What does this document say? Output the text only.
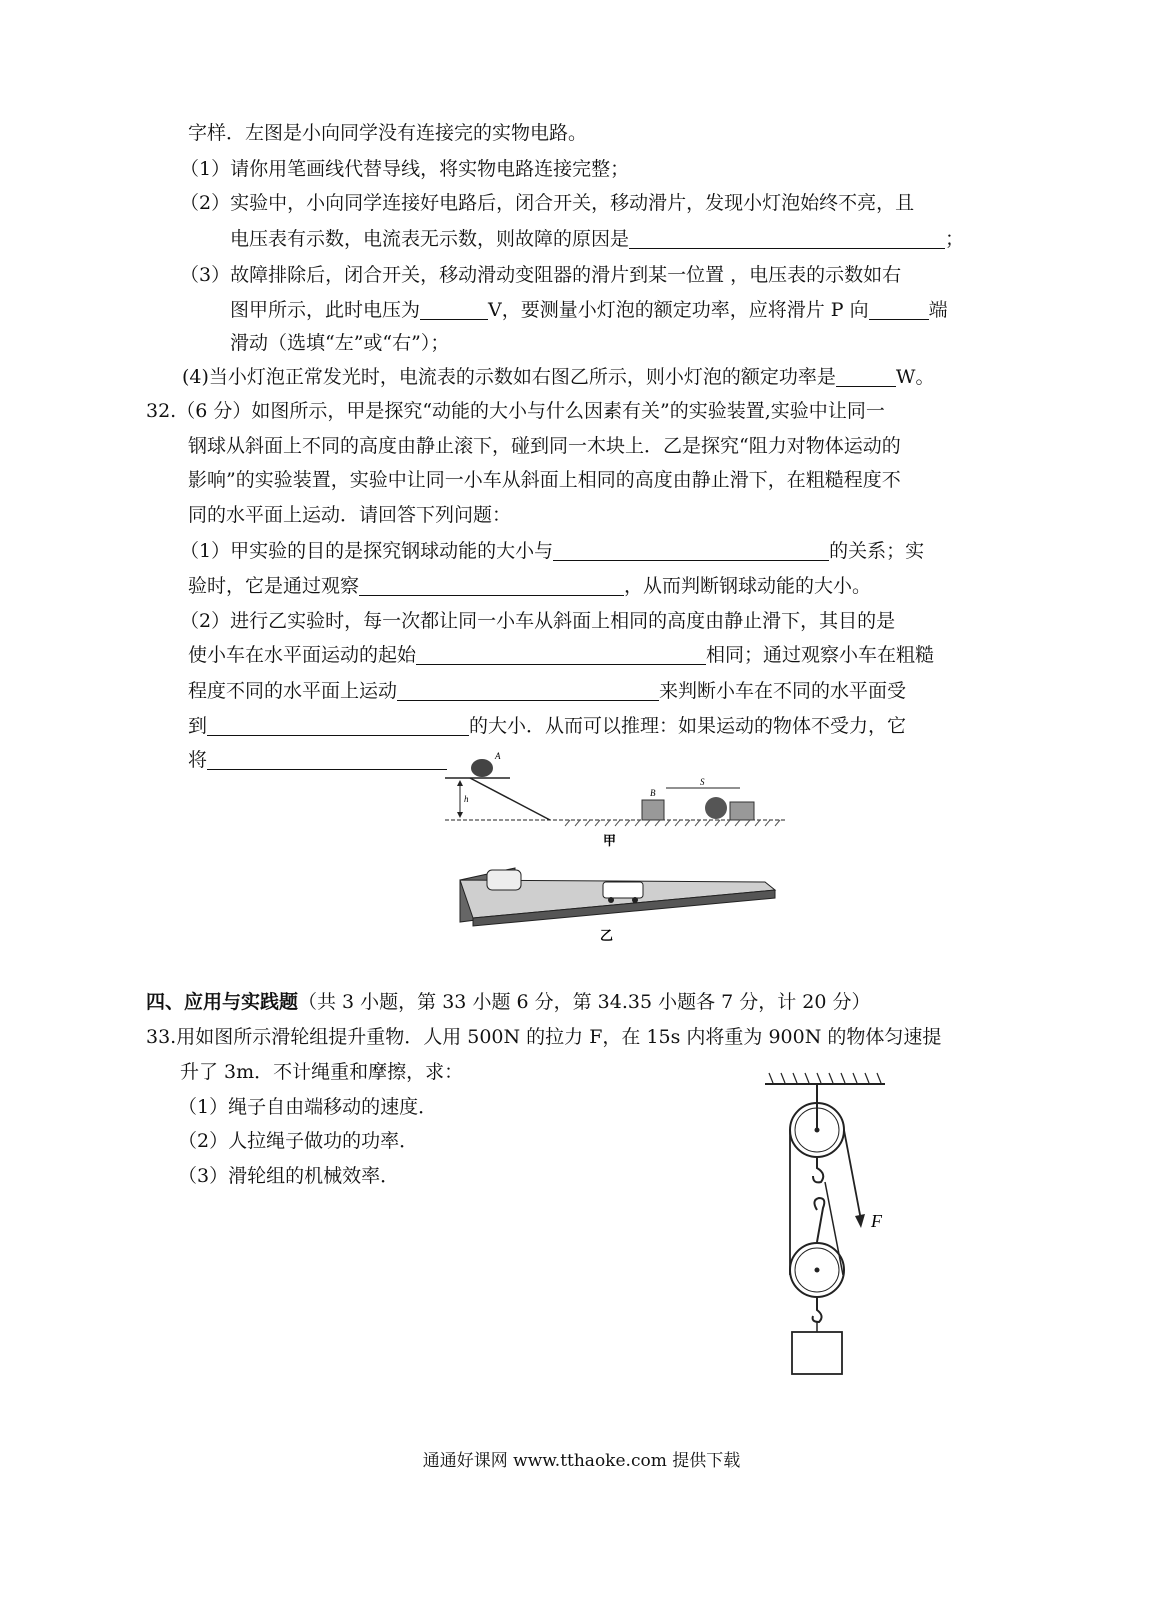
字样．左图是小向同学没有连接完的实物电路。
（1）请你用笔画线代替导线，将实物电路连接完整；
（2）实验中，小向同学连接好电路后，闭合开关，移动滑片，发现小灯泡始终不亮，且
电压表有示数，电流表无示数，则故障的原因是	；
（3）故障排除后，闭合开关，移动滑动变阻器的滑片到某一位置 ，电压表的示数如右
图甲所示，此时电压为	V，要测量小灯泡的额定功率，应将滑片 P 向	端
滑动（选填“左”或“右”）；
(4)当小灯泡正常发光时，电流表的示数如右图乙所示，则小灯泡的额定功率是	W。
32.（6 分）如图所示，甲是探究“动能的大小与什么因素有关”的实验装置,实验中让同一
钢球从斜面上不同的高度由静止滚下，碰到同一木块上．乙是探究“阻力对物体运动的
影响”的实验装置，实验中让同一小车从斜面上相同的高度由静止滑下，在粗糙程度不
同的水平面上运动．请回答下列问题：
（1）甲实验的目的是探究钢球动能的大小与	的关系；实
验时，它是通过观察	，从而判断钢球动能的大小。
（2）进行乙实验时，每一次都让同一小车从斜面上相同的高度由静止滑下，其目的是
使小车在水平面运动的起始	相同；通过观察小车在粗糙
程度不同的水平面上运动	来判断小车在不同的水平面受
到	的大小．从而可以推理：如果运动的物体不受力，它
将
h
A
B
S
甲
乙
四、应用与实践题（共 3 小题，第 33 小题 6 分，第 34.35 小题各 7 分，计 20 分）
33.用如图所示滑轮组提升重物．人用 500N 的拉力 F，在 15s 内将重为 900N 的物体匀速提
升了 3m．不计绳重和摩擦，求：
（1）绳子自由端移动的速度．
（2）人拉绳子做功的功率．
（3）滑轮组的机械效率．
F
通通好课网 www.tthaoke.com 提供下载
